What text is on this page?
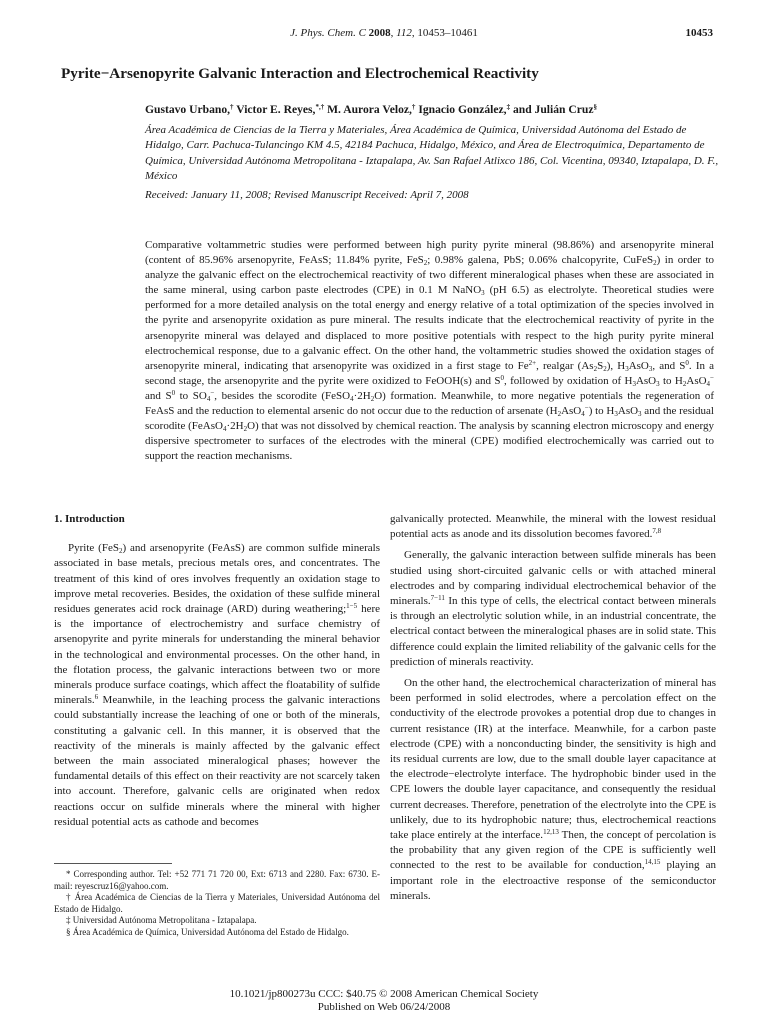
J. Phys. Chem. C 2008, 112, 10453–10461	10453
Pyrite−Arsenopyrite Galvanic Interaction and Electrochemical Reactivity
Gustavo Urbano,† Victor E. Reyes,*,† M. Aurora Veloz,† Ignacio González,‡ and Julián Cruz§
Área Académica de Ciencias de la Tierra y Materiales, Área Académica de Química, Universidad Autónoma del Estado de Hidalgo, Carr. Pachuca-Tulancingo KM 4.5, 42184 Pachuca, Hidalgo, México, and Área de Electroquímica, Departamento de Química, Universidad Autónoma Metropolitana - Iztapalapa, Av. San Rafael Atlixco 186, Col. Vicentina, 09340, Iztapalapa, D. F., México
Received: January 11, 2008; Revised Manuscript Received: April 7, 2008
Comparative voltammetric studies were performed between high purity pyrite mineral (98.86%) and arsenopyrite mineral (content of 85.96% arsenopyrite, FeAsS; 11.84% pyrite, FeS$_2$; 0.98% galena, PbS; 0.06% chalcopyrite, CuFeS$_2$) in order to analyze the galvanic effect on the electrochemical reactivity of two different mineralogical phases when these are associated in the same mineral, using carbon paste electrodes (CPE) in 0.1 M NaNO$_3$ (pH 6.5) as electrolyte. Theoretical studies were performed for a more detailed analysis on the total energy and energy relative of a total optimization of the species involved in the pyrite and arsenopyrite oxidation as pure mineral. The results indicate that the electrochemical reactivity of pyrite in the arsenopyrite mineral was delayed and displaced to more positive potentials with respect to the high purity pyrite mineral electrochemical response, due to a galvanic effect. On the other hand, the voltammetric studies showed the oxidation stages of arsenopyrite mineral, indicating that arsenopyrite was oxidized in a first stage to $Fe^{2+}$, realgar $(As_2S_2)$, $H_3AsO_3$, and $S^0$. In a second stage, the arsenopyrite and the pyrite were oxidized to FeOOH(s) and $S^0$, followed by oxidation of $H_3AsO_3$ to $H_2AsO_4^-$ and $S^0$ to $SO_4^-$, besides the scorodite $(FeSO_4\cdot 2H_2O)$ formation. Meanwhile, to more negative potentials the regeneration of FeAsS and the reduction to elemental arsenic do not occur due to the reduction of arsenate $(H_2AsO_4^-)$ to $H_3AsO_3$ and the residual scorodite $(FeAsO_4\cdot 2H_2O)$ that was not dissolved by chemical reaction. The analysis by scanning electron microscopy and energy dispersive spectrometer to surfaces of the electrodes with the mineral (CPE) modified electrochemically was carried out to support the reaction mechanisms.
1. Introduction

Pyrite (FeS$_2$) and arsenopyrite (FeAsS) are common sulfide minerals associated in base metals, precious metals ores, and concentrates. The treatment of this kind of ores involves frequently an oxidation stage to improve metal recoveries. Besides, the oxidation of these sulfide mineral residues generates acid rock drainage (ARD) during weathering;$^{1-5}$ here is the importance of electrochemistry and surface chemistry of arsenopyrite and pyrite minerals for understanding the mineral behavior in the technological and environmental processes. On the other hand, in the flotation process, the galvanic interactions between two or more minerals produce surface coatings, which affect the floatability of sulfide minerals.$^6$ Meanwhile, in the leaching process the galvanic interactions could substantially increase the leaching of one or both of the minerals, constituting a galvanic cell. In this manner, it is observed that the reactivity of the minerals is mainly affected by the galvanic effect between the main associated mineralogical phases; however the fundamental details of this effect on their reactivity are not scarcely taken into account. Therefore, galvanic cells are originated when redox reactions occur on sulfide minerals where the mineral with higher residual potential acts as cathode and becomes

* Corresponding author. Tel: +52 771 71 720 00, Ext: 6713 and 2280. Fax: 6730. E-mail: reyescruz16@yahoo.com.
† Área Académica de Ciencias de la Tierra y Materiales, Universidad Autónoma del Estado de Hidalgo.
‡ Universidad Autónoma Metropolitana - Iztapalapa.
§ Área Académica de Química, Universidad Autónoma del Estado de Hidalgo.

galvanically protected. Meanwhile, the mineral with the lowest residual potential acts as anode and its dissolution becomes favored.$^{7,8}$

Generally, the galvanic interaction between sulfide minerals has been studied using short-circuited galvanic cells or with attached mineral electrodes and by comparing individual electrochemical behavior of the minerals.$^{7-11}$ In this type of cells, the electrical contact between minerals is through an electrolytic solution while, in an industrial concentrate, the electrical contact between the mineralogical phases are in solid state. This difference could explain the limited reliability of the galvanic cells for the prediction of minerals reactivity.

On the other hand, the electrochemical characterization of mineral has been performed in solid electrodes, where a percolation effect on the conductivity of the electrode provokes a potential drop due to changes in current resistance (IR) at the interface. Meanwhile, for a carbon paste electrode (CPE) with a nonconducting binder, the sensitivity is high and its residual currents are low, due to the small double layer capacitance at the electrode−electrolyte interface. The hydrophobic binder used in the CPE lowers the double layer capacitance, and consequently the residual current decreases. Therefore, penetration of the electrolyte into the CPE is unlikely, due to its hydrophobic nature; thus, electrochemical reactions take place entirely at the interface.$^{12,13}$ Then, the concept of percolation is the probability that any given region of the CPE is sufficiently well connected to the rest to be available for conduction,$^{14,15}$ playing an important role in the electroactive response of the semiconductor minerals.

10.1021/jp800273u CCC: $40.75 © 2008 American Chemical Society
Published on Web 06/24/2008
